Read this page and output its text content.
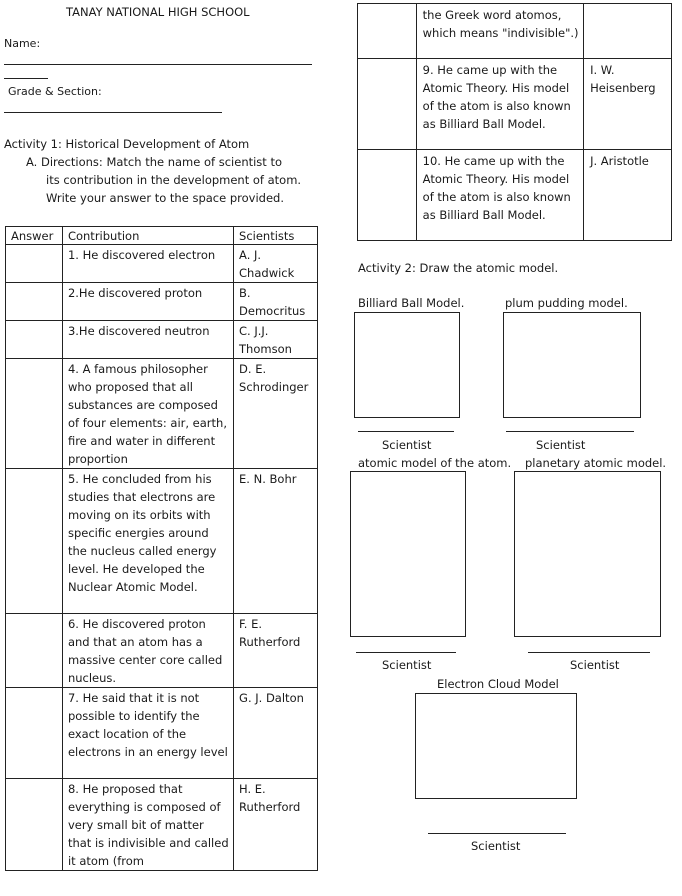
TANAY NATIONAL HIGH SCHOOL
Name:
Grade & Section:
Activity 1: Historical Development of Atom
A. Directions: Match the name of scientist to
its contribution in the development of atom.
Write your answer to the space provided.
Answer	Contribution	Scientists
	1. He discovered electron	A. J. Chadwick
	2.He discovered proton	B. Democritus
	3.He discovered neutron	C. J.J. Thomson
	4. A famous philosopher who proposed that all substances are composed of four elements: air, earth, fire and water in different proportion	D. E. Schrodinger
	5. He concluded from his studies that electrons are moving on its orbits with specific energies around the nucleus called energy level. He developed the Nuclear Atomic Model.	E. N. Bohr
	6. He discovered proton and that an atom has a massive center core called nucleus.	F. E. Rutherford
	7. He said that it is not possible to identify the exact location of the electrons in an energy level	G. J. Dalton
	8. He proposed that everything is composed of very small bit of matter that is indivisible and called it atom (from	H. E. Rutherford
	the Greek word atomos, which means "indivisible".)	
	9. He came up with the Atomic Theory. His model of the atom is also known as Billiard Ball Model.	I. W. Heisenberg
	10. He came up with the Atomic Theory. His model of the atom is also known as Billiard Ball Model.	J. Aristotle
Activity 2: Draw the atomic model.
Billiard Ball Model.
Scientist
plum pudding model.
Scientist
atomic model of the atom.
Scientist
planetary atomic model.
Scientist
Electron Cloud Model
Scientist
